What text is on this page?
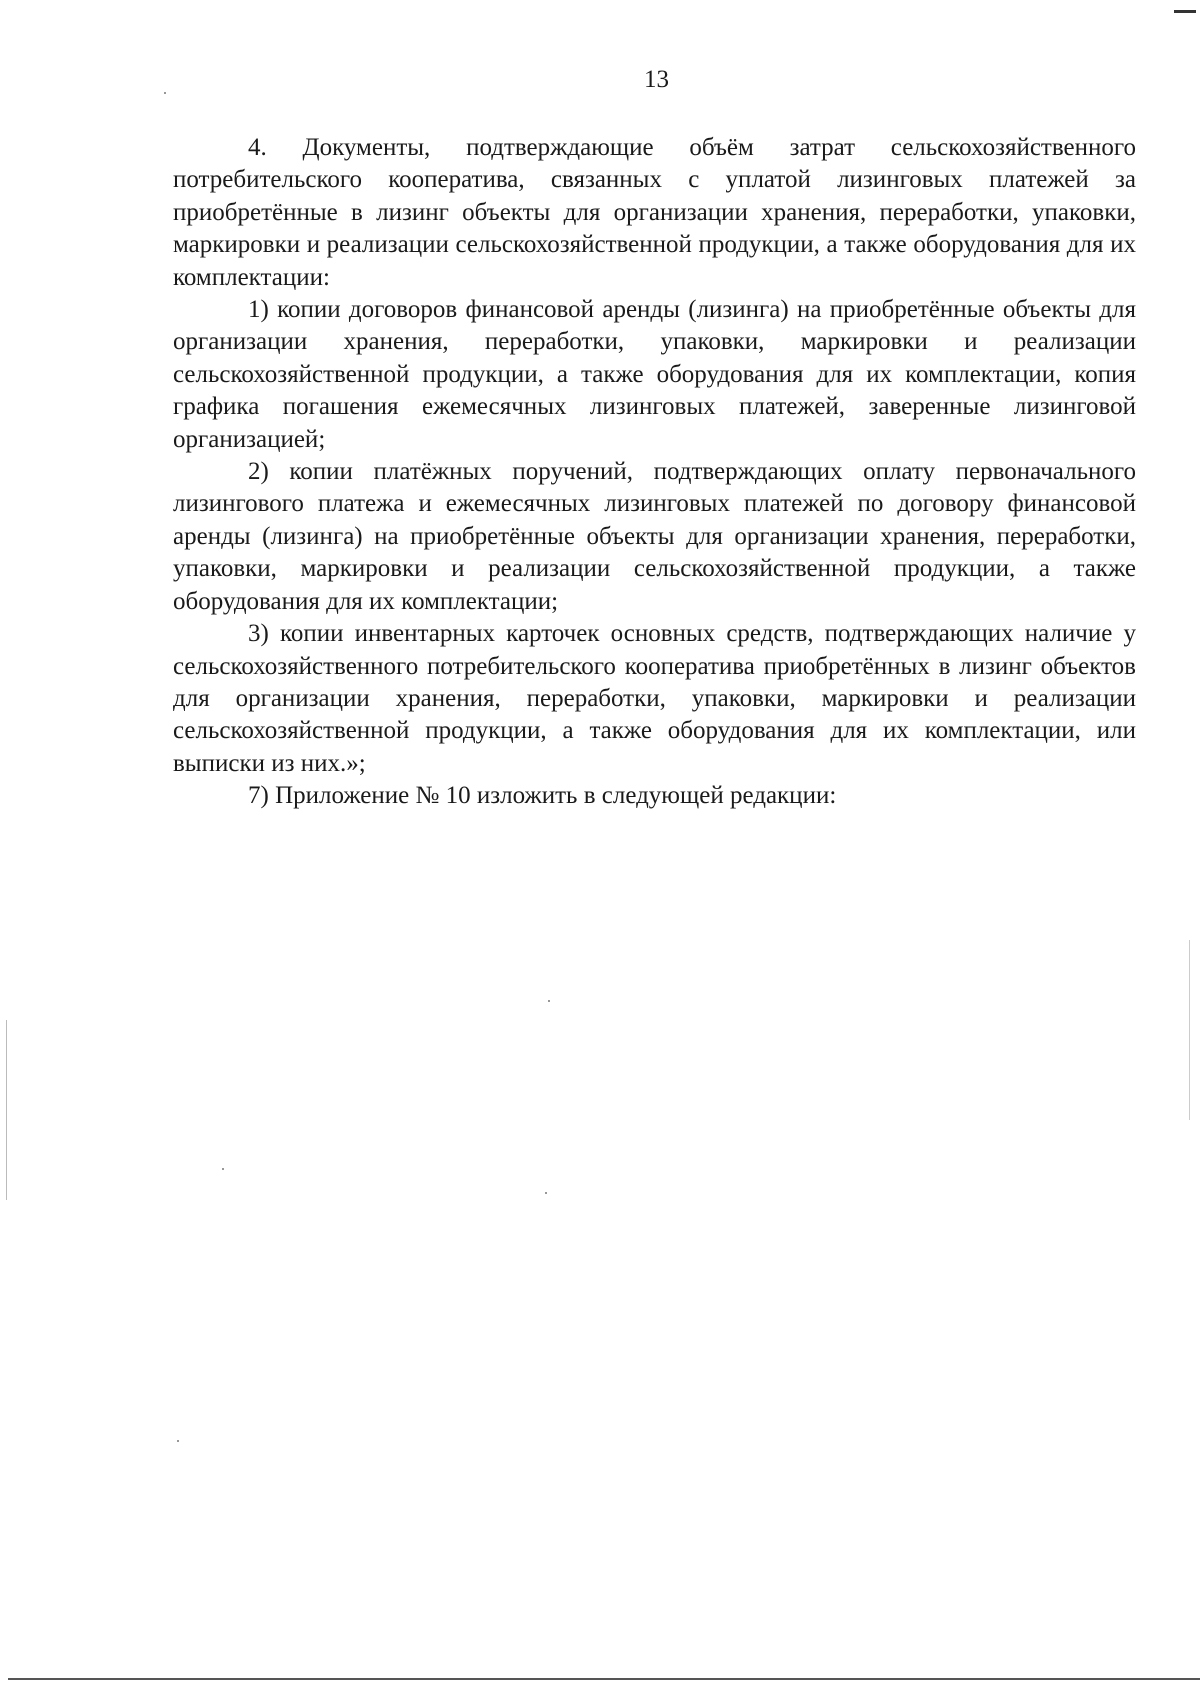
13

4. Документы, подтверждающие объём затрат сельскохозяйственного потребительского кооператива, связанных с уплатой лизинговых платежей за приобретённые в лизинг объекты для организации хранения, переработки, упаковки, маркировки и реализации сельскохозяйственной продукции, а также оборудования для их комплектации:

1) копии договоров финансовой аренды (лизинга) на приобретённые объекты для организации хранения, переработки, упаковки, маркировки и реализации сельскохозяйственной продукции, а также оборудования для их комплектации, копия графика погашения ежемесячных лизинговых платежей, заверенные лизинговой организацией;

2) копии платёжных поручений, подтверждающих оплату первоначального лизингового платежа и ежемесячных лизинговых платежей по договору финансовой аренды (лизинга) на приобретённые объекты для организации хранения, переработки, упаковки, маркировки и реализации сельскохозяйственной продукции, а также оборудования для их комплектации;

3) копии инвентарных карточек основных средств, подтверждающих наличие у сельскохозяйственного потребительского кооператива приобретённых в лизинг объектов для организации хранения, переработки, упаковки, маркировки и реализации сельскохозяйственной продукции, а также оборудования для их комплектации, или выписки из них.»;

7) Приложение № 10 изложить в следующей редакции:
